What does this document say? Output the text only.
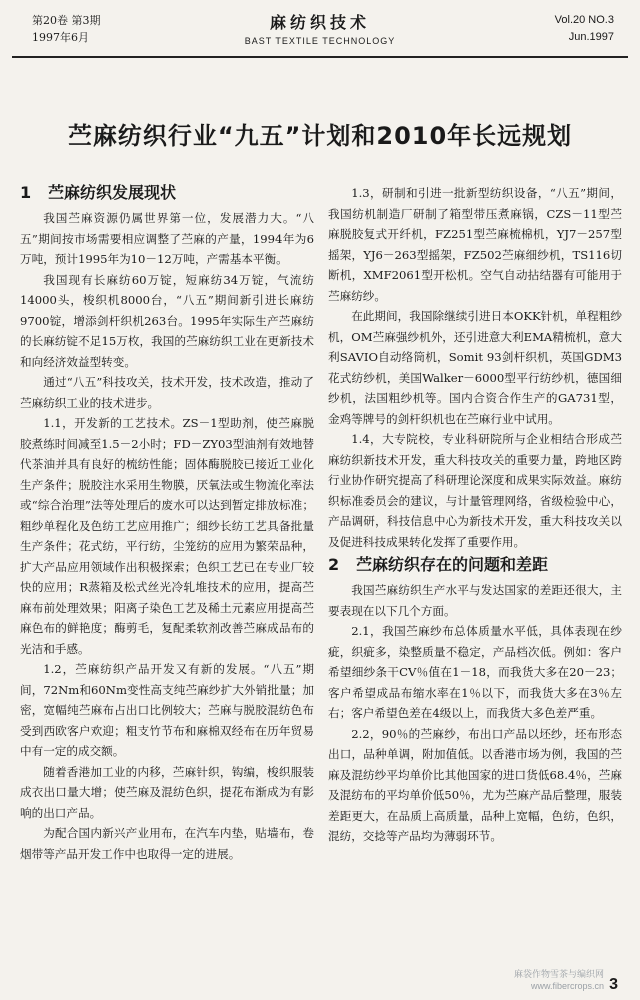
第20卷 第3期
1997年6月
麻纺织技术
BAST TEXTILE TECHNOLOGY
Vol.20 NO.3
Jun.1997
苎麻纺织行业“九五”计划和2010年长远规划
1 苎麻纺织发展现状

我国苎麻资源仍属世界第一位，发展潜力大。“八五”期间按市场需要相应调整了苎麻的产量，1994年为6万吨，预计1995年为10－12万吨，产需基本平衡。

我国现有长麻纺60万锭，短麻纺34万锭，气流纺14000头，梭织机8000台，“八五”期间新引进长麻纺9700锭，增添剑杆织机263台。1995年实际生产苎麻纺的长麻纺锭不足15万枚，我国的苎麻纺织工业在更新技术和向经济效益型转变。

通过“八五”科技攻关，技术开发，技术改造，推动了苎麻纺织工业的技术进步。

1.1，开发新的工艺技术。ZS－1型助剂，使苎麻脱胶煮练时间减至1.5－2小时；FD－ZY03型油剂有效地替代茶油并具有良好的梳纺性能；固体酶脱胶已接近工业化生产条件；脱胶注水采用生物膜，厌氧法或生物流化率法或“综合治理”法等处理后的废水可以达到暂定排放标准；粗纱单程化及色纺工艺应用推广；细纱长纺工艺具备批量生产条件；花式纺，平行纺，尘笼纺的应用为繁荣品种，扩大产品应用领域作出积极探索；色织工艺已在专业厂较快的应用；R蒸箱及松式丝光冷轧堆技术的应用，提高苎麻布前处理效果；阳离子染色工艺及稀土元素应用提高苎麻色布的鲜艳度；酶剪毛，复配柔软剂改善苎麻成品布的光洁和手感。

1.2，苎麻纺织产品开发又有新的发展。“八五”期间，72Nm和60Nm变性高支纯苎麻纱扩大外销批量；加密，宽幅纯苎麻布占出口比例较大；苎麻与脱胶混纺色布受到西欧客户欢迎；粗支竹节布和麻棉双经布在历年贸易中有一定的成交额。

随着香港加工业的内移，苎麻针织，钩编，梭织服装成衣出口量大增；使苎麻及混纺色织，提花布渐成为有影响的出口产品。

为配合国内新兴产业用布，在汽车内垫，贴墙布，卷烟带等产品开发工作中也取得一定的进展。

1.3，研制和引进一批新型纺织设备，“八五”期间，我国纺机制造厂研制了箱型带压煮麻锅，CZS－11型苎麻脱胶复式开纤机，FZ251型苎麻梳棉机，YJ7－257型摇架，YJ6－263型摇架，FZ502苎麻细纱机，TS116切断机，XMF2061型开松机。空气自动拈结器有可能用于苎麻纺纱。

在此期间，我国除继续引进日本OKK针机，单程粗纱机，OM苎麻强纱机外，还引进意大利EMA精梳机，意大利SAVIO自动络筒机，Somit 93剑杆织机，英国GDM3花式纺纱机，美国Walker－6000型平行纺纱机，德国细纱机，法国粗纱机等。国内合资合作生产的GA731型，金鸡等牌号的剑杆织机也在苎麻行业中试用。

1.4，大专院校，专业科研院所与企业相结合形成苎麻纺织新技术开发，重大科技攻关的重要力量，跨地区跨行业协作研究提高了科研理论深度和成果实际效益。麻纺织标准委员会的建议，与计量管理网络，省级检验中心，产品调研，科技信息中心为新技术开发，重大科技攻关以及促进科技成果转化发挥了重要作用。

2 苎麻纺织存在的问题和差距

我国苎麻纺织生产水平与发达国家的差距还很大，主要表现在以下几个方面。

2.1，我国苎麻纱布总体质量水平低，具体表现在纱疵，织疵多，染整质量不稳定，产品档次低。例如：客户希望细纱条干CV％值在1－18，而我货大多在20－23；客户希望成品布缩水率在1％以下，而我货大多在3％左右；客户希望色差在4级以上，而我货大多色差严重。

2.2，90％的苎麻纱，布出口产品以坯纱，坯布形态出口，品种单调，附加值低。以香港市场为例，我国的苎麻及混纺纱平均单价比其他国家的进口货低68.4％，苎麻及混纺布的平均单价低50％，尤为苎麻产品后整理，服装差距更大，在品质上高质量，品种上宽幅，色纺，色织，混纺，交捻等产品均为薄弱环节。

麻袋作物雪茶与编织网
www.fibercrops.cn 3
